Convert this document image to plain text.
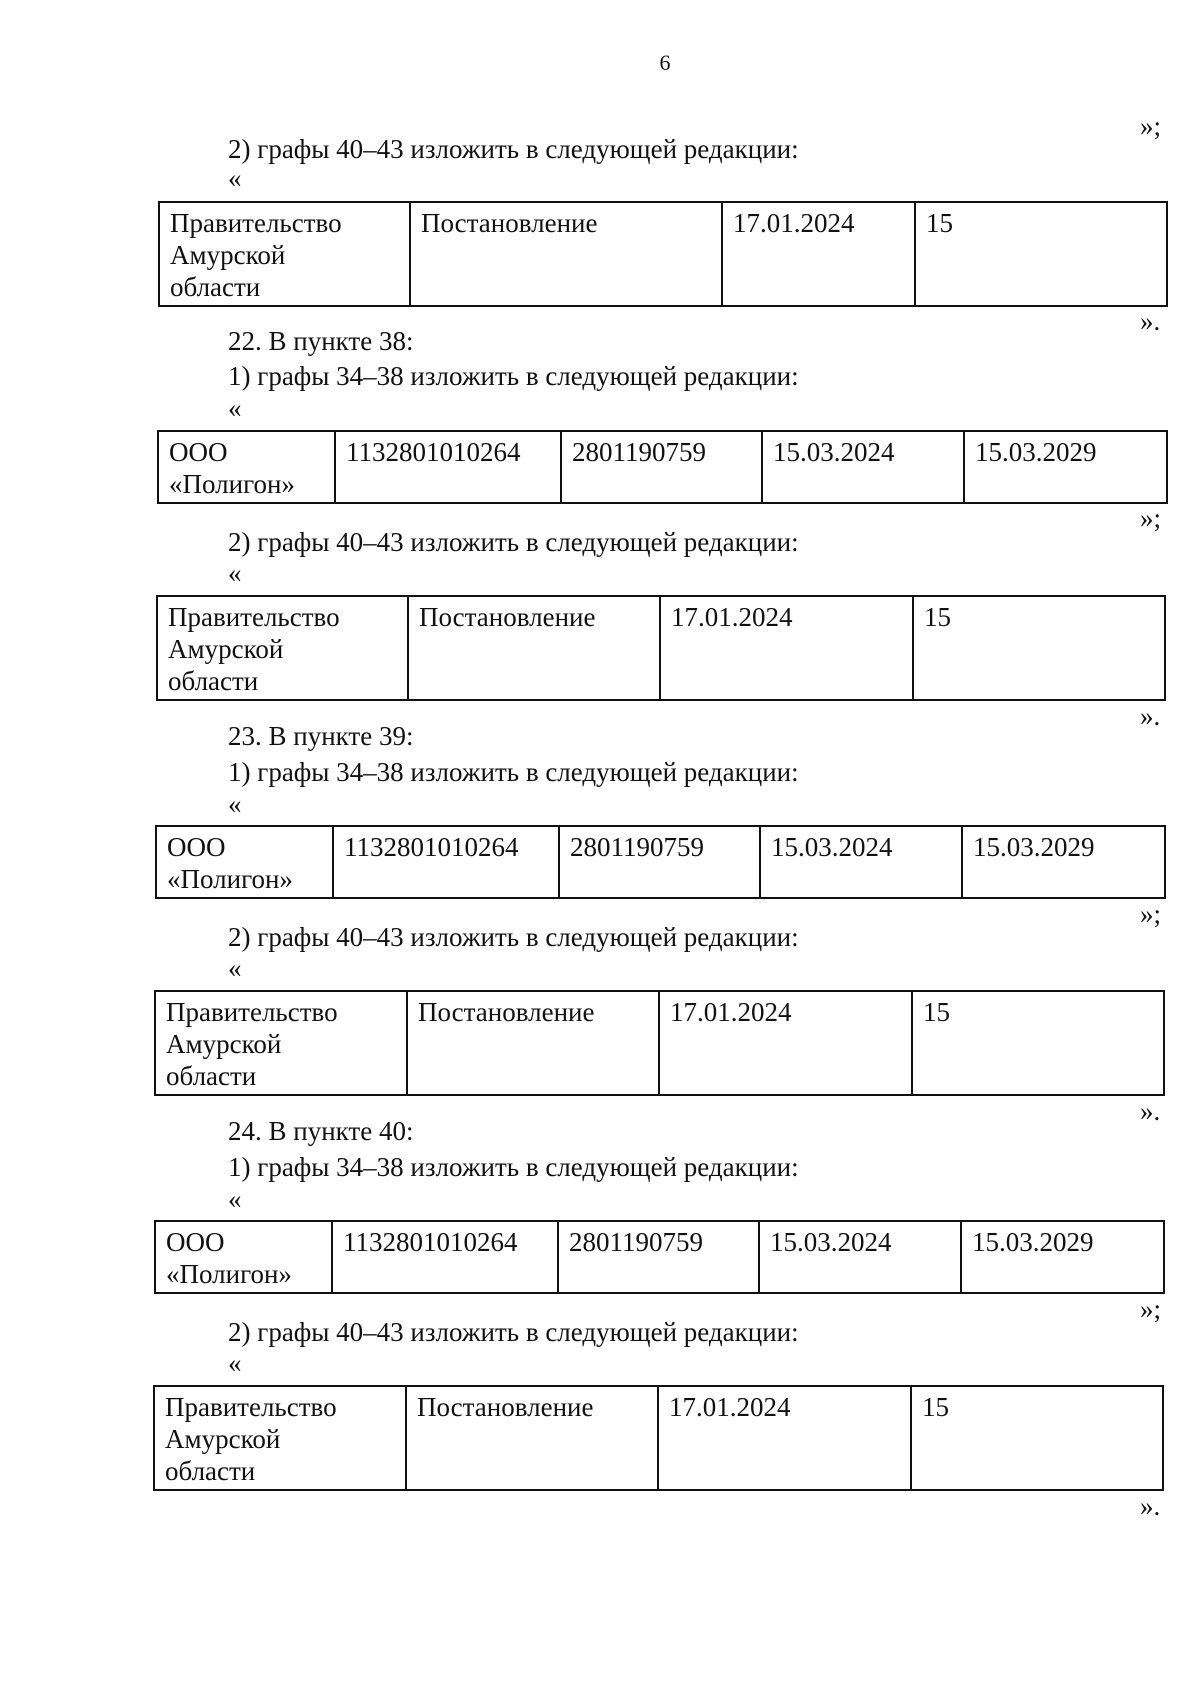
6
»;
2) графы 40–43 изложить в следующей редакции:
«
Правительство
Амурской
области	Постановление	17.01.2024	15
».
22. В пункте 38:
1) графы 34–38 изложить в следующей редакции:
«
ООО
«Полигон»	1132801010264	2801190759	15.03.2024	15.03.2029
»;
2) графы 40–43 изложить в следующей редакции:
«
Правительство
Амурской
области	Постановление	17.01.2024	15
».
23. В пункте 39:
1) графы 34–38 изложить в следующей редакции:
«
ООО
«Полигон»	1132801010264	2801190759	15.03.2024	15.03.2029
»;
2) графы 40–43 изложить в следующей редакции:
«
Правительство
Амурской
области	Постановление	17.01.2024	15
».
24. В пункте 40:
1) графы 34–38 изложить в следующей редакции:
«
ООО
«Полигон»	1132801010264	2801190759	15.03.2024	15.03.2029
»;
2) графы 40–43 изложить в следующей редакции:
«
Правительство
Амурской
области	Постановление	17.01.2024	15
».
